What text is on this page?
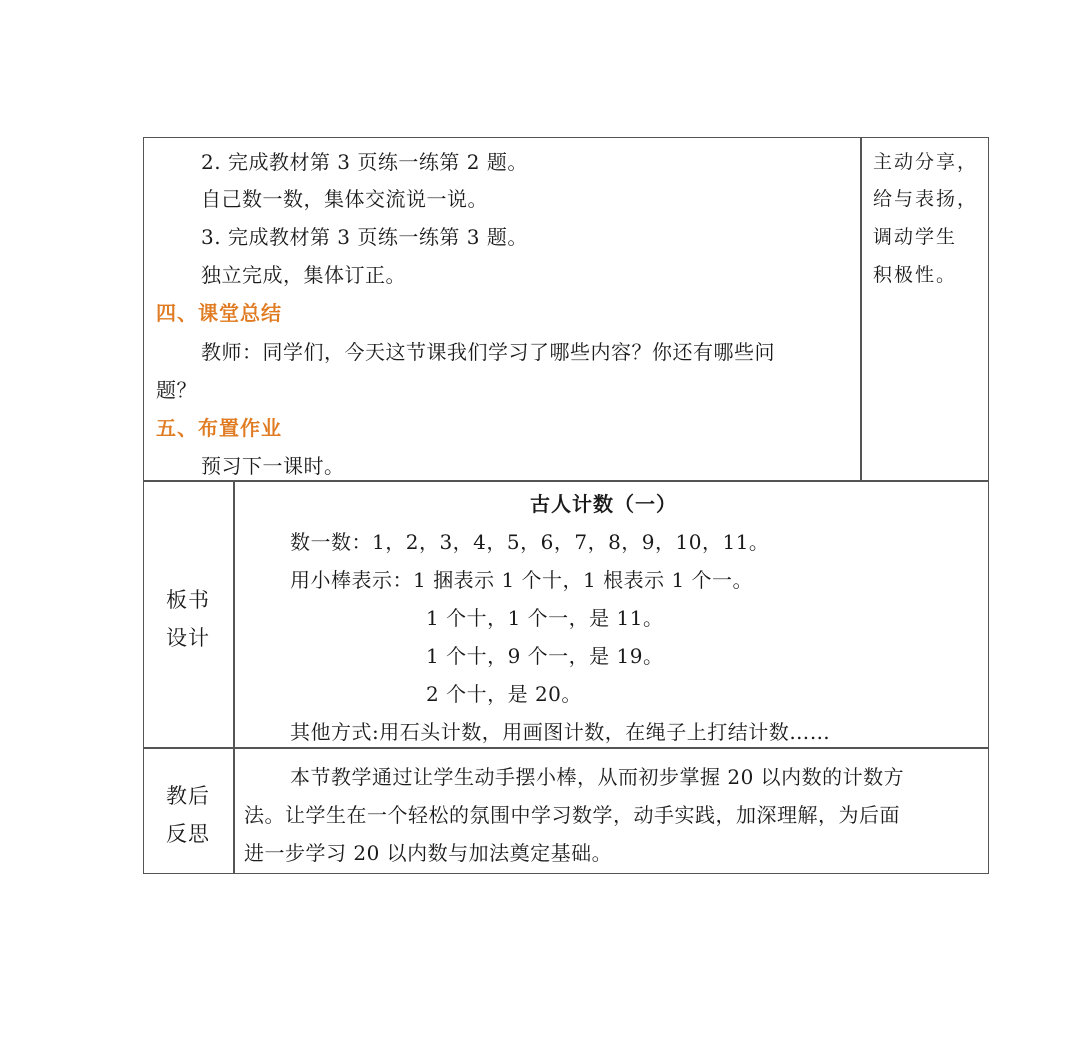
2. 完成教材第 3 页练一练第 2 题。
自己数一数，集体交流说一说。
3. 完成教材第 3 页练一练第 3 题。
独立完成，集体订正。
四、课堂总结
教师：同学们，今天这节课我们学习了哪些内容？你还有哪些问
题？
五、布置作业
预习下一课时。
主动分享，
给与表扬，
调动学生
积极性。
板书
设计
古人计数（一）
数一数：1，2，3，4，5，6，7，8，9，10，11。
用小棒表示：1 捆表示 1 个十，1 根表示 1 个一。
1 个十，1 个一，是 11。
1 个十，9 个一，是 19。
2 个十，是 20。
其他方式:用石头计数，用画图计数，在绳子上打结计数……
教后
反思
本节教学通过让学生动手摆小棒，从而初步掌握 20 以内数的计数方
法。让学生在一个轻松的氛围中学习数学，动手实践，加深理解，为后面
进一步学习 20 以内数与加法奠定基础。
